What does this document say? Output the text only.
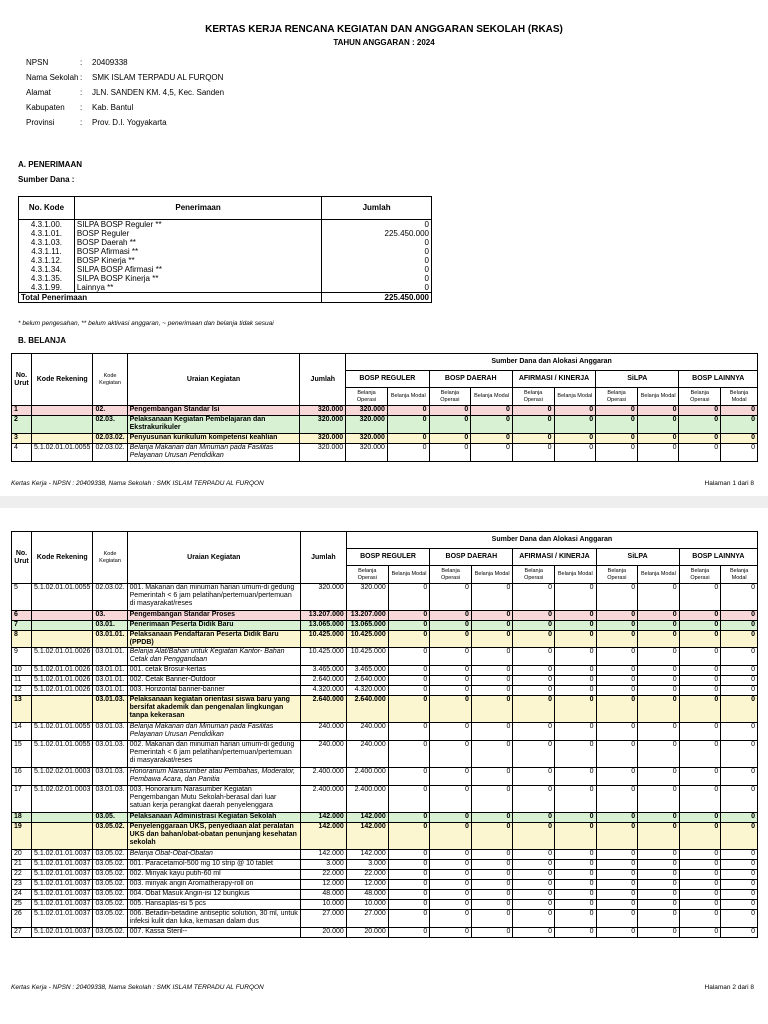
KERTAS KERJA RENCANA KEGIATAN DAN ANGGARAN SEKOLAH (RKAS)
TAHUN ANGGARAN : 2024
NPSN	:	20409338
Nama Sekolah :	SMK ISLAM TERPADU AL FURQON
Alamat	:	JLN. SANDEN KM. 4,5, Kec. Sanden
Kabupaten	:	Kab. Bantul
Provinsi	:	Prov. D.I. Yogyakarta
A. PENERIMAAN
Sumber Dana :
No. Kode	Penerimaan	Jumlah
4.3.1.00.	SILPA BOSP Reguler **	0
4.3.1.01.	BOSP Reguler	225.450.000
4.3.1.03.	BOSP Daerah **	0
4.3.1.11.	BOSP Afirmasi **	0
4.3.1.12.	BOSP Kinerja **	0
4.3.1.34.	SILPA BOSP Afirmasi **	0
4.3.1.35.	SILPA BOSP Kinerja **	0
4.3.1.99.	Lainnya **	0
Total Penerimaan		225.450.000
* belum pengesahan, ** belum aktivasi anggaran, ~ penerimaan dan belanja tidak sesuai
B. BELANJA
No. Urut	Kode Rekening	Kode Kegiatan	Uraian Kegiatan	Jumlah	Sumber Dana dan Alokasi Anggaran									
					BOSP REGULER		BOSP DAERAH		AFIRMASI / KINERJA		SiLPA		BOSP LAINNYA	
					Belanja Operasi	Belanja Modal	Belanja Operasi	Belanja Modal	Belanja Operasi	Belanja Modal	Belanja Operasi	Belanja Modal	Belanja Operasi	Belanja Modal
1		02.	Pengembangan Standar Isi	320.000	320.000	0	0	0	0	0	0	0	0	0
2		02.03.	Pelaksanaan Kegiatan Pembelajaran dan Ekstrakurikuler	320.000	320.000	0	0	0	0	0	0	0	0	0
3		02.03.02.	Penyusunan kurikulum kompetensi keahlian	320.000	320.000	0	0	0	0	0	0	0	0	0
4	5.1.02.01.01.0055	02.03.02.	Belanja Makanan dan Minuman pada Fasilitas Pelayanan Urusan Pendidikan	320.000	320.000	0	0	0	0	0	0	0	0	0
Kertas Kerja - NPSN : 20409338, Nama Sekolah : SMK ISLAM TERPADU AL FURQON	Halaman 1 dari 8
No. Urut	Kode Rekening	Kode Kegiatan	Uraian Kegiatan	Jumlah	Sumber Dana dan Alokasi Anggaran									
					BOSP REGULER		BOSP DAERAH		AFIRMASI / KINERJA		SiLPA		BOSP LAINNYA	
					Belanja Operasi	Belanja Modal	Belanja Operasi	Belanja Modal	Belanja Operasi	Belanja Modal	Belanja Operasi	Belanja Modal	Belanja Operasi	Belanja Modal
5	5.1.02.01.01.0055	02.03.02.	001. Makanan dan minuman harian umum-di gedung Pemerintah < 6 jam pelatihan/pertemuan/pertemuan di masyarakat/reses	320.000	320.000	0	0	0	0	0	0	0	0	0
6		03.	Pengembangan Standar Proses	13.207.000	13.207.000	0	0	0	0	0	0	0	0	0
7		03.01.	Penerimaan Peserta Didik Baru	13.065.000	13.065.000	0	0	0	0	0	0	0	0	0
8		03.01.01.	Pelaksanaan Pendaftaran Peserta Didik Baru (PPDB)	10.425.000	10.425.000	0	0	0	0	0	0	0	0	0
9	5.1.02.01.01.0026	03.01.01.	Belanja Alat/Bahan untuk Kegiatan Kantor- Bahan Cetak dan Penggandaan	10.425.000	10.425.000	0	0	0	0	0	0	0	0	0
10	5.1.02.01.01.0026	03.01.01.	001. cetak Brosur-kertas	3.465.000	3.465.000	0	0	0	0	0	0	0	0	0
11	5.1.02.01.01.0026	03.01.01.	002. Cetak Banner-Outdoor	2.640.000	2.640.000	0	0	0	0	0	0	0	0	0
12	5.1.02.01.01.0026	03.01.01.	003. Horizontal banner-banner	4.320.000	4.320.000	0	0	0	0	0	0	0	0	0
13		03.01.03.	Pelaksanaan kegiatan orientasi siswa baru yang bersifat akademik dan pengenalan lingkungan tanpa kekerasan	2.640.000	2.640.000	0	0	0	0	0	0	0	0	0
14	5.1.02.01.01.0055	03.01.03.	Belanja Makanan dan Minuman pada Fasilitas Pelayanan Urusan Pendidikan	240.000	240.000	0	0	0	0	0	0	0	0	0
15	5.1.02.01.01.0055	03.01.03.	002. Makanan dan minuman harian umum-di gedung Pemerintah < 6 jam pelatihan/pertemuan/pertemuan di masyarakat/reses	240.000	240.000	0	0	0	0	0	0	0	0	0
16	5.1.02.02.01.0003	03.01.03.	Honorarium Narasumber atau Pembahas, Moderator, Pembawa Acara, dan Panitia	2.400.000	2.400.000	0	0	0	0	0	0	0	0	0
17	5.1.02.02.01.0003	03.01.03.	003. Honorarium Narasumber Kegiatan Pengembangan Mutu Sekolah-berasal dari luar satuan kerja perangkat daerah penyelenggara	2.400.000	2.400.000	0	0	0	0	0	0	0	0	0
18		03.05.	Pelaksanaan Administrasi Kegiatan Sekolah	142.000	142.000	0	0	0	0	0	0	0	0	0
19		03.05.02.	Penyelenggaraan UKS, penyediaan alat peralatan UKS dan bahan/obat-obatan penunjang kesehatan sekolah	142.000	142.000	0	0	0	0	0	0	0	0	0
20	5.1.02.01.01.0037	03.05.02.	Belanja Obat-Obat-Obatan	142.000	142.000	0	0	0	0	0	0	0	0	0
21	5.1.02.01.01.0037	03.05.02.	001. Paracetamol-500 mg 10 strip @ 10 tablet	3.000	3.000	0	0	0	0	0	0	0	0	0
22	5.1.02.01.01.0037	03.05.02.	002. Minyak kayu putih-60 ml	22.000	22.000	0	0	0	0	0	0	0	0	0
23	5.1.02.01.01.0037	03.05.02.	003. minyak angin Aromatherapy-roll on	12.000	12.000	0	0	0	0	0	0	0	0	0
24	5.1.02.01.01.0037	03.05.02.	004. Obat Masuk Angin-isi 12 bungkus	48.000	48.000	0	0	0	0	0	0	0	0	0
25	5.1.02.01.01.0037	03.05.02.	005. Hansaplas-isi 5 pcs	10.000	10.000	0	0	0	0	0	0	0	0	0
26	5.1.02.01.01.0037	03.05.02.	006. Betadin-betadine antiseptic solution, 30 ml, untuk infeksi kulit dan luka, kemasan dalam dus	27.000	27.000	0	0	0	0	0	0	0	0	0
27	5.1.02.01.01.0037	03.05.02.	007. Kassa Steril--	20.000	20.000	0	0	0	0	0	0	0	0	0
Kertas Kerja - NPSN : 20409338, Nama Sekolah : SMK ISLAM TERPADU AL FURQON	Halaman 2 dari 8
